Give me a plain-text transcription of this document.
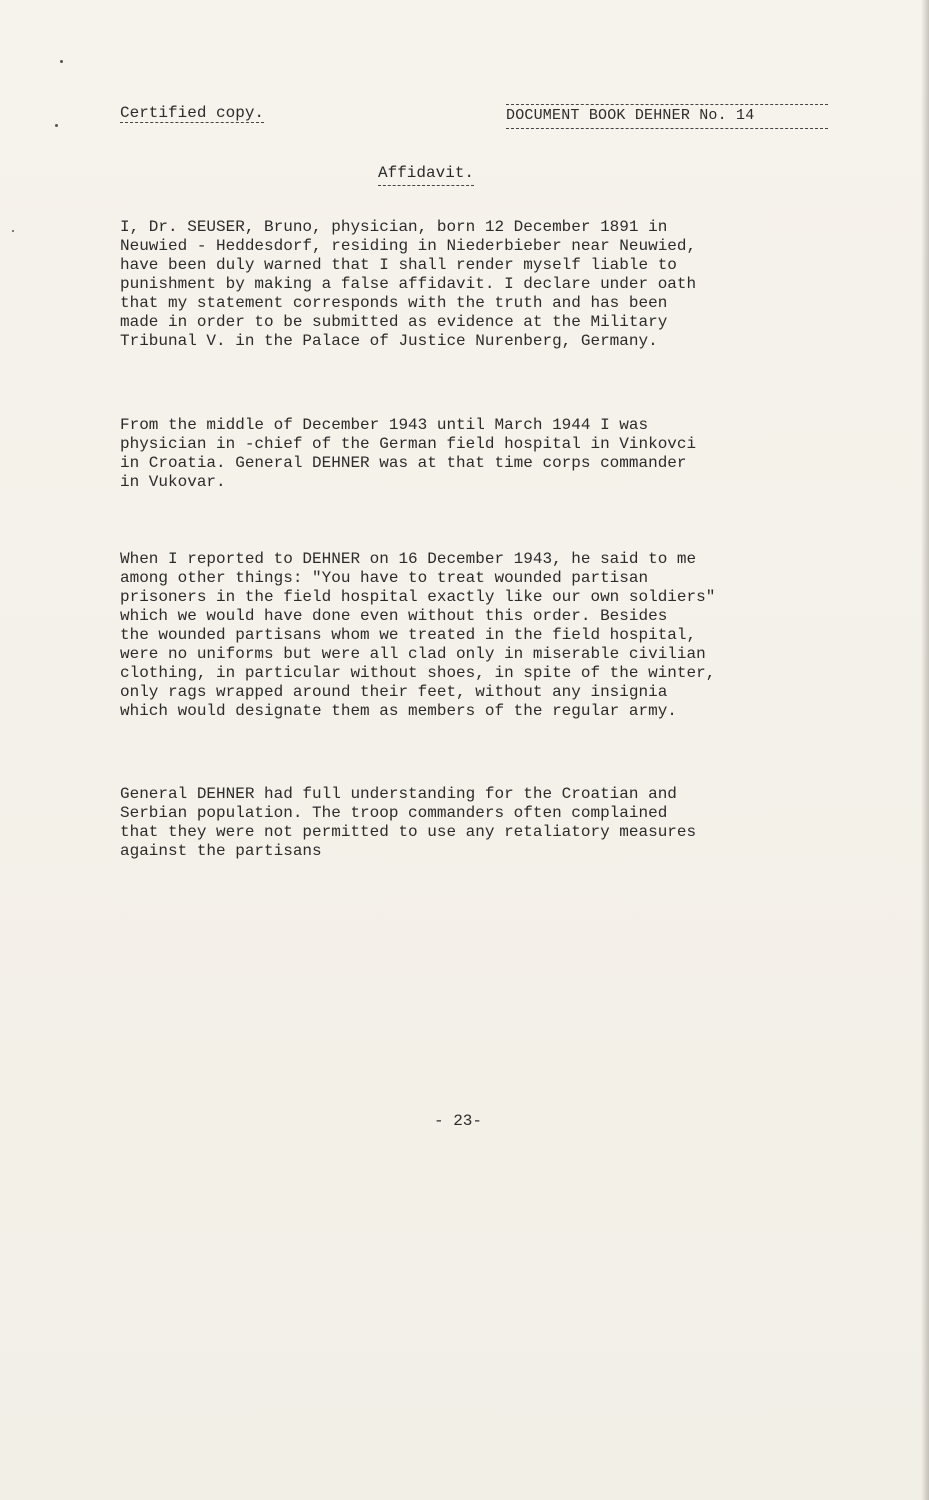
Certified copy.	DOCUMENT BOOK DEHNER No. 14
Affidavit.
I, Dr. SEUSER, Bruno, physician, born 12 December 1891 in
Neuwied - Heddesdorf, residing in Niederbieber near Neuwied,
have been duly warned that I shall render myself liable to
punishment by making a false affidavit. I declare under oath
that my statement corresponds with the truth and has been
made in order to be submitted as evidence at the Military
Tribunal V. in the Palace of Justice Nurenberg, Germany.
From the middle of December 1943 until March 1944 I was
physician in -chief of the German field hospital in Vinkovci
in Croatia. General DEHNER was at that time corps commander
in Vukovar.
When I reported to DEHNER on 16 December 1943, he said to me
among other things: "You have to treat wounded partisan
prisoners in the field hospital exactly like our own soldiers"
which we would have done even without this order. Besides
the wounded partisans whom we treated in the field hospital,
were no uniforms but were all clad only in miserable civilian
clothing, in particular without shoes, in spite of the winter,
only rags wrapped around their feet, without any insignia
which would designate them as members of the regular army.
General DEHNER had full understanding for the Croatian and
Serbian population. The troop commanders often complained
that they were not permitted to use any retaliatory measures
against the partisans
- 23-
